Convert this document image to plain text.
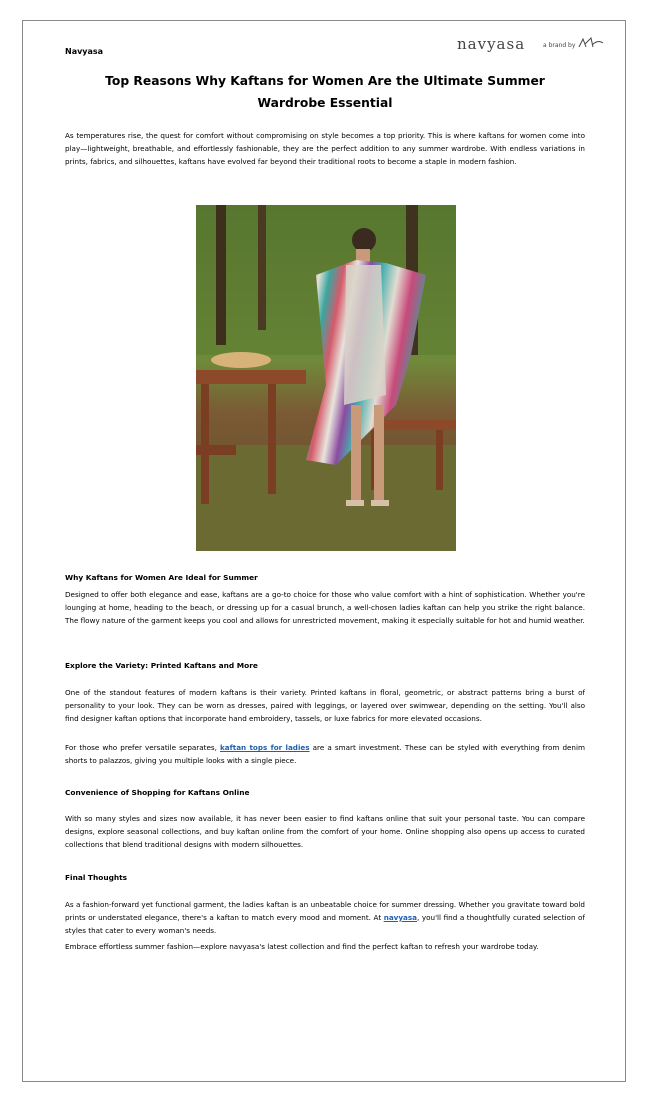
Navyasa	navyasa	a brand by
Top Reasons Why Kaftans for Women Are the Ultimate Summer Wardrobe Essential
As temperatures rise, the quest for comfort without compromising on style becomes a top priority. This is where kaftans for women come into play—lightweight, breathable, and effortlessly fashionable, they are the perfect addition to any summer wardrobe. With endless variations in prints, fabrics, and silhouettes, kaftans have evolved far beyond their traditional roots to become a staple in modern fashion.
Why Kaftans for Women Are Ideal for Summer
Designed to offer both elegance and ease, kaftans are a go-to choice for those who value comfort with a hint of sophistication. Whether you're lounging at home, heading to the beach, or dressing up for a casual brunch, a well-chosen ladies kaftan can help you strike the right balance. The flowy nature of the garment keeps you cool and allows for unrestricted movement, making it especially suitable for hot and humid weather.
Explore the Variety: Printed Kaftans and More
One of the standout features of modern kaftans is their variety. Printed kaftans in floral, geometric, or abstract patterns bring a burst of personality to your look. They can be worn as dresses, paired with leggings, or layered over swimwear, depending on the setting. You'll also find designer kaftan options that incorporate hand embroidery, tassels, or luxe fabrics for more elevated occasions.
For those who prefer versatile separates, kaftan tops for ladies are a smart investment. These can be styled with everything from denim shorts to palazzos, giving you multiple looks with a single piece.
Convenience of Shopping for Kaftans Online
With so many styles and sizes now available, it has never been easier to find kaftans online that suit your personal taste. You can compare designs, explore seasonal collections, and buy kaftan online from the comfort of your home. Online shopping also opens up access to curated collections that blend traditional designs with modern silhouettes.
Final Thoughts
As a fashion-forward yet functional garment, the ladies kaftan is an unbeatable choice for summer dressing. Whether you gravitate toward bold prints or understated elegance, there's a kaftan to match every mood and moment. At navyasa, you'll find a thoughtfully curated selection of styles that cater to every woman's needs.
Embrace effortless summer fashion—explore navyasa's latest collection and find the perfect kaftan to refresh your wardrobe today.
